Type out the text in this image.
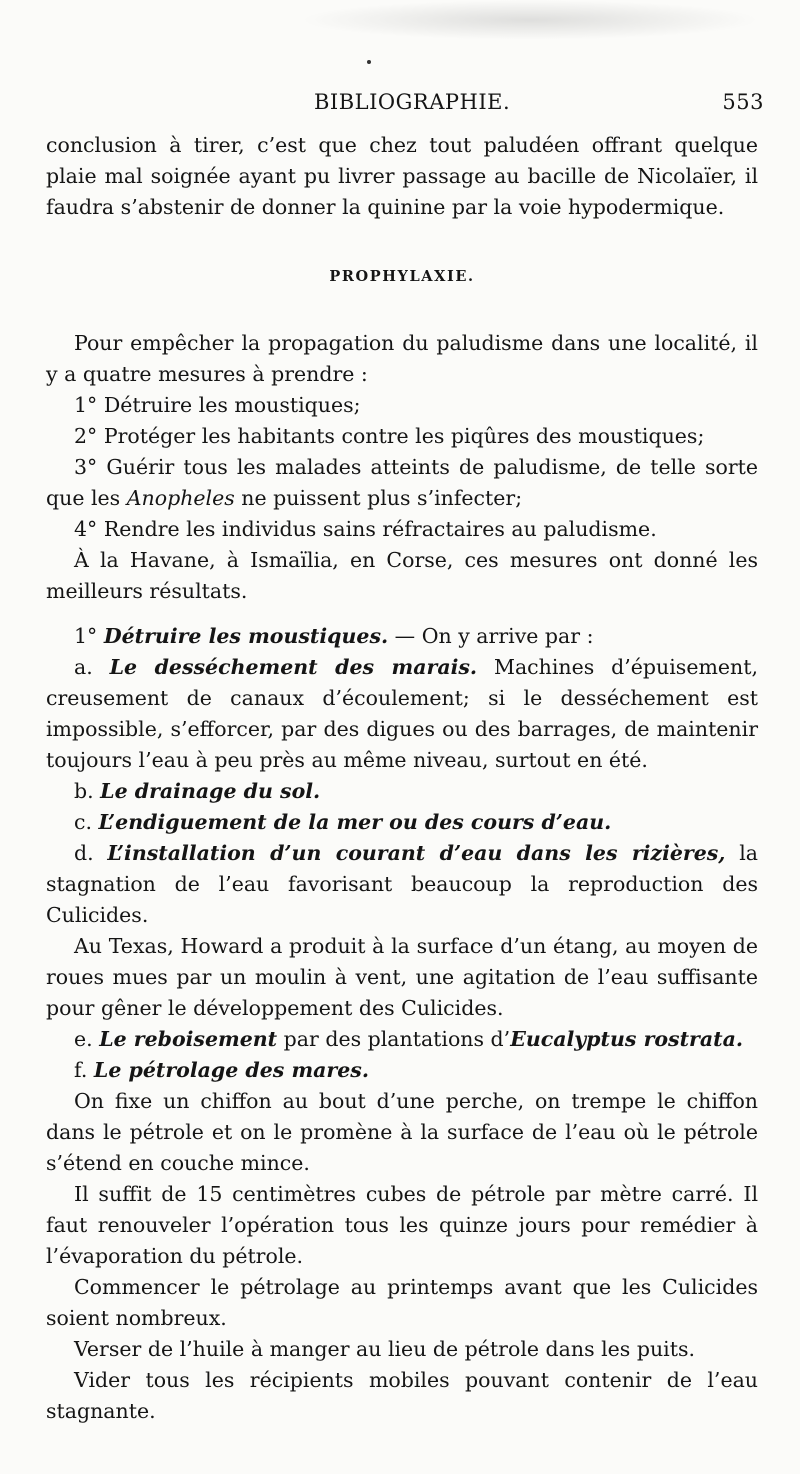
BIBLIOGRAPHIE.	553

conclusion à tirer, c’est que chez tout paludéen offrant quelque plaie mal soignée ayant pu livrer passage au bacille de Nicolaïer, il faudra s’abstenir de donner la quinine par la voie hypodermique.

PROPHYLAXIE.

Pour empêcher la propagation du paludisme dans une localité, il y a quatre mesures à prendre :

1° Détruire les moustiques;

2° Protéger les habitants contre les piqûres des moustiques;

3° Guérir tous les malades atteints de paludisme, de telle sorte que les Anopheles ne puissent plus s’infecter;

4° Rendre les individus sains réfractaires au paludisme.

À la Havane, à Ismaïlia, en Corse, ces mesures ont donné les meilleurs résultats.

1° Détruire les moustiques. — On y arrive par :

a. Le desséchement des marais. Machines d’épuisement, creusement de canaux d’écoulement; si le desséchement est impossible, s’efforcer, par des digues ou des barrages, de maintenir toujours l’eau à peu près au même niveau, surtout en été.

b. Le drainage du sol.

c. L’endiguement de la mer ou des cours d’eau.

d. L’installation d’un courant d’eau dans les rizières, la stagnation de l’eau favorisant beaucoup la reproduction des Culicides.

Au Texas, Howard a produit à la surface d’un étang, au moyen de roues mues par un moulin à vent, une agitation de l’eau suffisante pour gêner le développement des Culicides.

e. Le reboisement par des plantations d’Eucalyptus rostrata.

f. Le pétrolage des mares.

On fixe un chiffon au bout d’une perche, on trempe le chiffon dans le pétrole et on le promène à la surface de l’eau où le pétrole s’étend en couche mince.

Il suffit de 15 centimètres cubes de pétrole par mètre carré. Il faut renouveler l’opération tous les quinze jours pour remédier à l’évaporation du pétrole.

Commencer le pétrolage au printemps avant que les Culicides soient nombreux.

Verser de l’huile à manger au lieu de pétrole dans les puits.

Vider tous les récipients mobiles pouvant contenir de l’eau stagnante.
